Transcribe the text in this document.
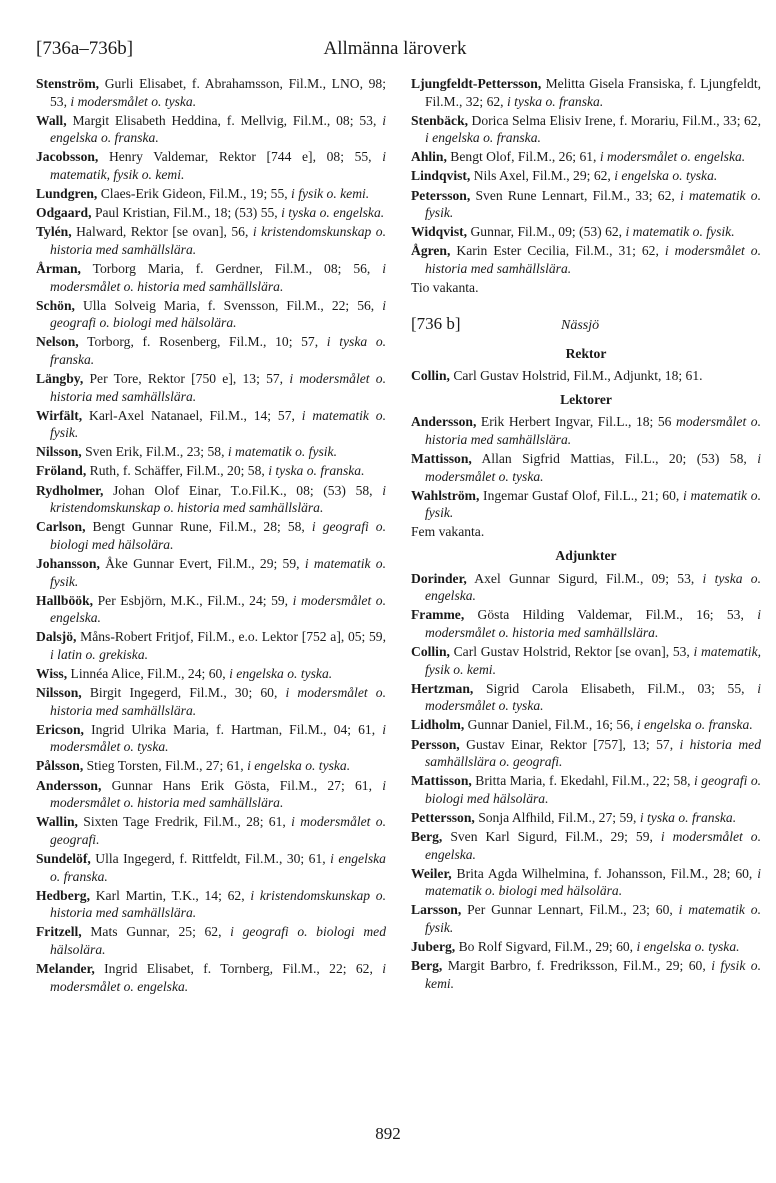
[736a–736b]	Allmänna läroverk

Stenström, Gurli Elisabet, f. Abrahamsson, Fil.M., LNO, 98; 53, i modersmålet o. tyska.

Wall, Margit Elisabeth Heddina, f. Mellvig, Fil.M., 08; 53, i engelska o. franska.

Jacobsson, Henry Valdemar, Rektor [744 e], 08; 55, i matematik, fysik o. kemi.

Lundgren, Claes-Erik Gideon, Fil.M., 19; 55, i fysik o. kemi.

Odgaard, Paul Kristian, Fil.M., 18; (53) 55, i tyska o. engelska.

Tylén, Halward, Rektor [se ovan], 56, i kristendomskunskap o. historia med samhällslära.

Årman, Torborg Maria, f. Gerdner, Fil.M., 08; 56, i modersmålet o. historia med samhällslära.

Schön, Ulla Solveig Maria, f. Svensson, Fil.M., 22; 56, i geografi o. biologi med hälsolära.

Nelson, Torborg, f. Rosenberg, Fil.M., 10; 57, i tyska o. franska.

Längby, Per Tore, Rektor [750 e], 13; 57, i modersmålet o. historia med samhällslära.

Wirfält, Karl-Axel Natanael, Fil.M., 14; 57, i matematik o. fysik.

Nilsson, Sven Erik, Fil.M., 23; 58, i matematik o. fysik.

Fröland, Ruth, f. Schäffer, Fil.M., 20; 58, i tyska o. franska.

Rydholmer, Johan Olof Einar, T.o.Fil.K., 08; (53) 58, i kristendomskunskap o. historia med samhällslära.

Carlson, Bengt Gunnar Rune, Fil.M., 28; 58, i geografi o. biologi med hälsolära.

Johansson, Åke Gunnar Evert, Fil.M., 29; 59, i matematik o. fysik.

Hallböök, Per Esbjörn, M.K., Fil.M., 24; 59, i modersmålet o. engelska.

Dalsjö, Måns-Robert Fritjof, Fil.M., e.o. Lektor [752 a], 05; 59, i latin o. grekiska.

Wiss, Linnéa Alice, Fil.M., 24; 60, i engelska o. tyska.

Nilsson, Birgit Ingegerd, Fil.M., 30; 60, i modersmålet o. historia med samhällslära.

Ericson, Ingrid Ulrika Maria, f. Hartman, Fil.M., 04; 61, i modersmålet o. tyska.

Pålsson, Stieg Torsten, Fil.M., 27; 61, i engelska o. tyska.

Andersson, Gunnar Hans Erik Gösta, Fil.M., 27; 61, i modersmålet o. historia med samhällslära.

Wallin, Sixten Tage Fredrik, Fil.M., 28; 61, i modersmålet o. geografi.

Sundelöf, Ulla Ingegerd, f. Rittfeldt, Fil.M., 30; 61, i engelska o. franska.

Hedberg, Karl Martin, T.K., 14; 62, i kristendomskunskap o. historia med samhällslära.

Fritzell, Mats Gunnar, 25; 62, i geografi o. biologi med hälsolära.

Melander, Ingrid Elisabet, f. Tornberg, Fil.M., 22; 62, i modersmålet o. engelska.

Ljungfeldt-Pettersson, Melitta Gisela Fransiska, f. Ljungfeldt, Fil.M., 32; 62, i tyska o. franska.

Stenbäck, Dorica Selma Elisiv Irene, f. Morariu, Fil.M., 33; 62, i engelska o. franska.

Ahlin, Bengt Olof, Fil.M., 26; 61, i modersmålet o. engelska.

Lindqvist, Nils Axel, Fil.M., 29; 62, i engelska o. tyska.

Petersson, Sven Rune Lennart, Fil.M., 33; 62, i matematik o. fysik.

Widqvist, Gunnar, Fil.M., 09; (53) 62, i matematik o. fysik.

Ågren, Karin Ester Cecilia, Fil.M., 31; 62, i modersmålet o. historia med samhällslära.

Tio vakanta.

[736 b]	Nässjö
Rektor

Collin, Carl Gustav Holstrid, Fil.M., Adjunkt, 18; 61.

Lektorer

Andersson, Erik Herbert Ingvar, Fil.L., 18; 56 modersmålet o. historia med samhällslära.

Mattisson, Allan Sigfrid Mattias, Fil.L., 20; (53) 58, i modersmålet o. tyska.

Wahlström, Ingemar Gustaf Olof, Fil.L., 21; 60, i matematik o. fysik.

Fem vakanta.

Adjunkter

Dorinder, Axel Gunnar Sigurd, Fil.M., 09; 53, i tyska o. engelska.

Framme, Gösta Hilding Valdemar, Fil.M., 16; 53, i modersmålet o. historia med samhällslära.

Collin, Carl Gustav Holstrid, Rektor [se ovan], 53, i matematik, fysik o. kemi.

Hertzman, Sigrid Carola Elisabeth, Fil.M., 03; 55, i modersmålet o. tyska.

Lidholm, Gunnar Daniel, Fil.M., 16; 56, i engelska o. franska.

Persson, Gustav Einar, Rektor [757], 13; 57, i historia med samhällslära o. geografi.

Mattisson, Britta Maria, f. Ekedahl, Fil.M., 22; 58, i geografi o. biologi med hälsolära.

Pettersson, Sonja Alfhild, Fil.M., 27; 59, i tyska o. franska.

Berg, Sven Karl Sigurd, Fil.M., 29; 59, i modersmålet o. engelska.

Weiler, Brita Agda Wilhelmina, f. Johansson, Fil.M., 28; 60, i matematik o. biologi med hälsolära.

Larsson, Per Gunnar Lennart, Fil.M., 23; 60, i matematik o. fysik.

Juberg, Bo Rolf Sigvard, Fil.M., 29; 60, i engelska o. tyska.

Berg, Margit Barbro, f. Fredriksson, Fil.M., 29; 60, i fysik o. kemi.

892
